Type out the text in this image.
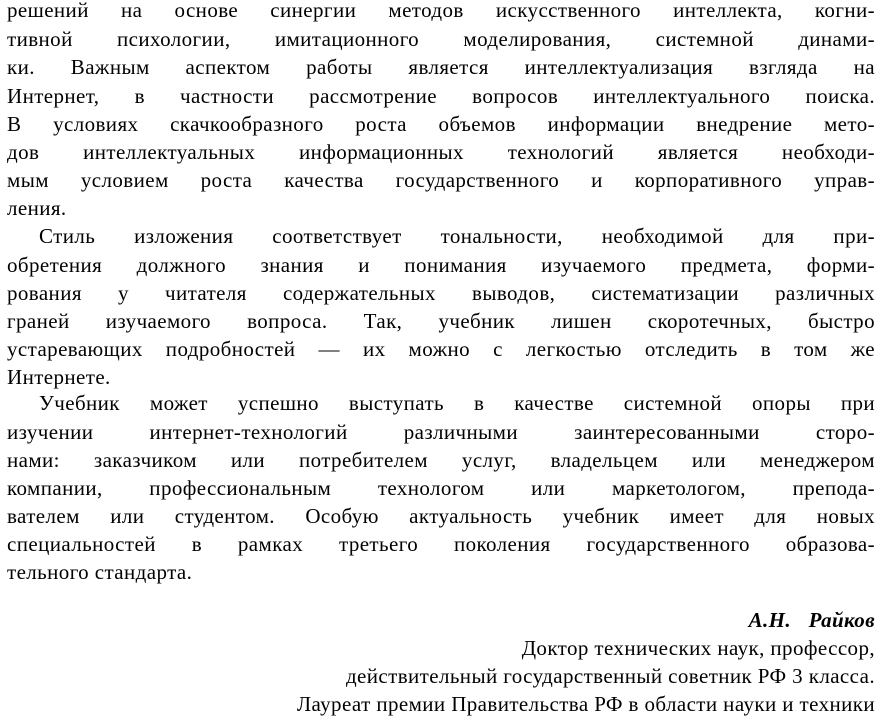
решений на основе синергии методов искусственного интеллекта, когни-
тивной психологии, имитационного моделирования, системной динами-
ки. Важным аспектом работы является интеллектуализация взгляда на
Интернет, в частности рассмотрение вопросов интеллектуального поиска.
В условиях скачкообразного роста объемов информации внедрение мето-
дов интеллектуальных информационных технологий является необходи-
мым условием роста качества государственного и корпоративного управ-
ления.
Стиль изложения соответствует тональности, необходимой для при-
обретения должного знания и понимания изучаемого предмета, форми-
рования у читателя содержательных выводов, систематизации различных
граней изучаемого вопроса. Так, учебник лишен скоротечных, быстро
устаревающих подробностей — их можно с легкостью отследить в том же
Интернете.
Учебник может успешно выступать в качестве системной опоры при
изучении интернет-технологий различными заинтересованными сторо-
нами: заказчиком или потребителем услуг, владельцем или менеджером
компании, профессиональным технологом или маркетологом, препода-
вателем или студентом. Особую актуальность учебник имеет для новых
специальностей в рамках третьего поколения государственного образова-
тельного стандарта.
А.Н. Райков
Доктор технических наук, профессор,
действительный государственный советник РФ 3 класса.
Лауреат премии Правительства РФ в области науки и техники
